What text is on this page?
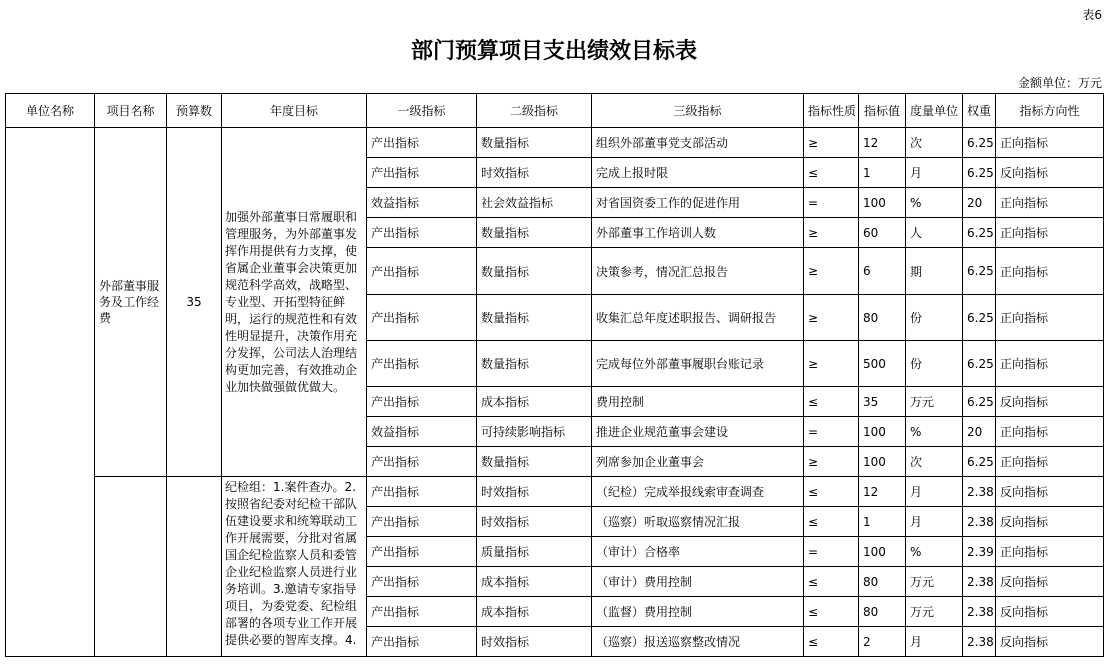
表6
部门预算项目支出绩效目标表
金额单位：万元
单位名称	项目名称	预算数	年度目标	一级指标	二级指标	三级指标	指标性质	指标值	度量单位	权重	指标方向性
	外部董事服务及工作经费	35	加强外部董事日常履职和管理服务，为外部董事发挥作用提供有力支撑，使省属企业董事会决策更加规范科学高效，战略型、专业型、开拓型特征鲜明，运行的规范性和有效性明显提升，决策作用充分发挥，公司法人治理结构更加完善，有效推动企业加快做强做优做大。	产出指标	数量指标	组织外部董事党支部活动	≥	12	次	6.25	正向指标
				产出指标	时效指标	完成上报时限	≤	1	月	6.25	反向指标
				效益指标	社会效益指标	对省国资委工作的促进作用	=	100	%	20	正向指标
				产出指标	数量指标	外部董事工作培训人数	≥	60	人	6.25	正向指标
				产出指标	数量指标	决策参考，情况汇总报告	≥	6	期	6.25	正向指标
				产出指标	数量指标	收集汇总年度述职报告、调研报告	≥	80	份	6.25	正向指标
				产出指标	数量指标	完成每位外部董事履职台账记录	≥	500	份	6.25	正向指标
				产出指标	成本指标	费用控制	≤	35	万元	6.25	反向指标
				效益指标	可持续影响指标	推进企业规范董事会建设	=	100	%	20	正向指标
				产出指标	数量指标	列席参加企业董事会	≥	100	次	6.25	正向指标
			纪检组：1.案件查办。2.按照省纪委对纪检干部队伍建设要求和统筹联动工作开展需要，分批对省属国企纪检监察人员和委管企业纪检监察人员进行业务培训。3.邀请专家指导项目，为委党委、纪检组部署的各项专业工作开展提供必要的智库支撑。4.	产出指标	时效指标	（纪检）完成举报线索审查调查	≤	12	月	2.38	反向指标
				产出指标	时效指标	（巡察）听取巡察情况汇报	≤	1	月	2.38	反向指标
				产出指标	质量指标	（审计）合格率	=	100	%	2.39	正向指标
				产出指标	成本指标	（审计）费用控制	≤	80	万元	2.38	反向指标
				产出指标	成本指标	（监督）费用控制	≤	80	万元	2.38	反向指标
				产出指标	时效指标	（巡察）报送巡察整改情况	≤	2	月	2.38	反向指标
